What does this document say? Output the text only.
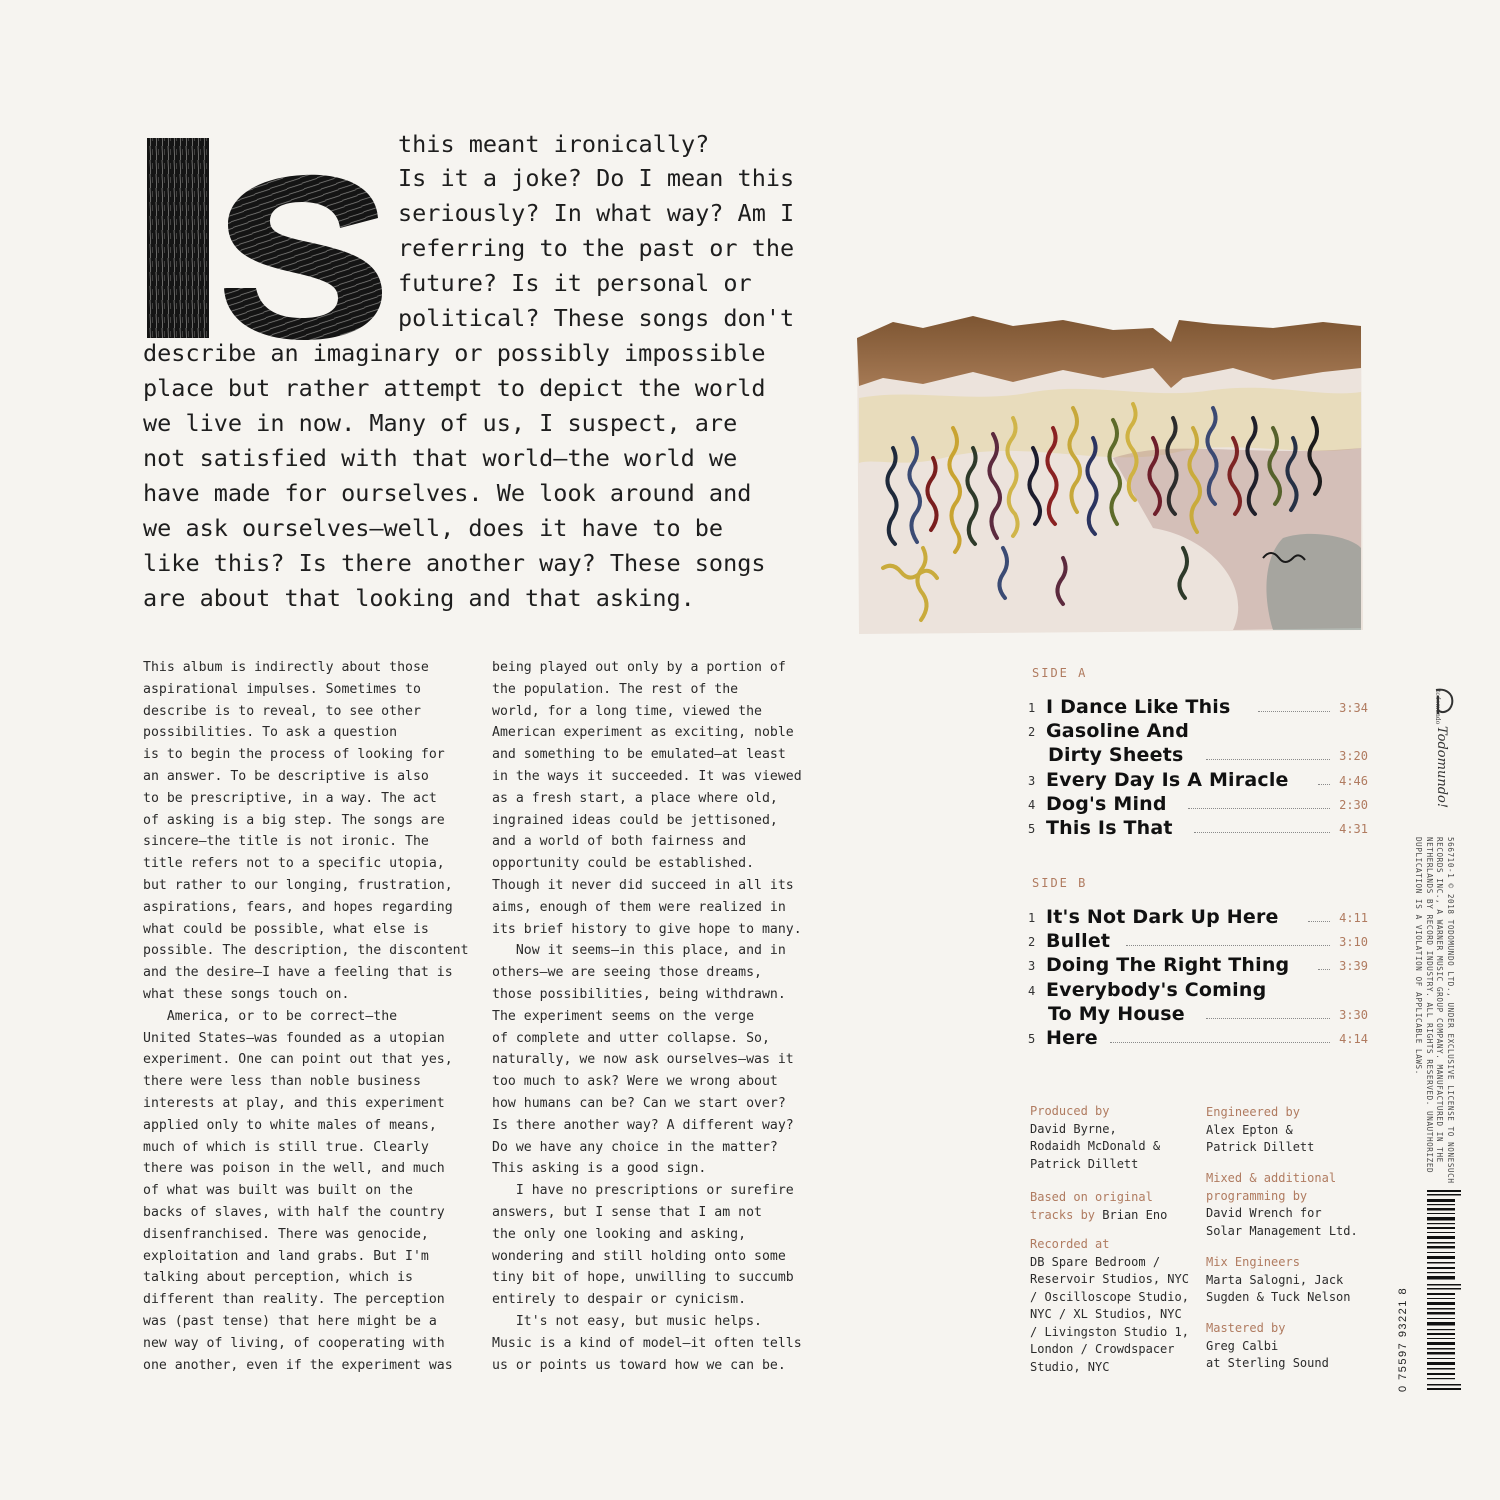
this meant ironically?
Is it a joke? Do I mean this
seriously? In what way? Am I
referring to the past or the
future? Is it personal or
political? These songs don't
describe an imaginary or possibly impossible
place but rather attempt to depict the world
we live in now. Many of us, I suspect, are
not satisfied with that world—the world we
have made for ourselves. We look around and
we ask ourselves—well, does it have to be
like this? Is there another way? These songs
are about that looking and that asking.

This album is indirectly about those
aspirational impulses. Sometimes to
describe is to reveal, to see other
possibilities. To ask a question
is to begin the process of looking for
an answer. To be descriptive is also
to be prescriptive, in a way. The act
of asking is a big step. The songs are
sincere—the title is not ironic. The
title refers not to a specific utopia,
but rather to our longing, frustration,
aspirations, fears, and hopes regarding
what could be possible, what else is
possible. The description, the discontent
and the desire—I have a feeling that is
what these songs touch on.

America, or to be correct—the
United States—was founded as a utopian
experiment. One can point out that yes,
there were less than noble business
interests at play, and this experiment
applied only to white males of means,
much of which is still true. Clearly
there was poison in the well, and much
of what was built was built on the
backs of slaves, with half the country
disenfranchised. There was genocide,
exploitation and land grabs. But I'm
talking about perception, which is
different than reality. The perception
was (past tense) that here might be a
new way of living, of cooperating with
one another, even if the experiment was

being played out only by a portion of
the population. The rest of the
world, for a long time, viewed the
American experiment as exciting, noble
and something to be emulated—at least
in the ways it succeeded. It was viewed
as a fresh start, a place where old,
ingrained ideas could be jettisoned,
and a world of both fairness and
opportunity could be established.
Though it never did succeed in all its
aims, enough of them were realized in
its brief history to give hope to many.

Now it seems—in this place, and in
others—we are seeing those dreams,
those possibilities, being withdrawn.
The experiment seems on the verge
of complete and utter collapse. So,
naturally, we now ask ourselves—was it
too much to ask? Were we wrong about
how humans can be? Can we start over?
Is there another way? A different way?
Do we have any choice in the matter?
This asking is a good sign.

I have no prescriptions or surefire
answers, but I sense that I am not
the only one looking and asking,
wondering and still holding onto some
tiny bit of hope, unwilling to succumb
entirely to despair or cynicism.

It's not easy, but music helps.
Music is a kind of model—it often tells
us or points us toward how we can be.

SIDE A
1 I Dance Like This	3:34
2 Gasoline And
Dirty Sheets	3:20
3 Every Day Is A Miracle	4:46
4 Dog's Mind	2:30
5 This Is That	4:31
SIDE B
1 It's Not Dark Up Here	4:11
2 Bullet	3:10
3 Doing The Right Thing	3:39
4 Everybody's Coming
To My House	3:30
5 Here	4:14
Produced by
David Byrne,
Rodaidh McDonald &
Patrick Dillett
Based on original
tracks by Brian Eno
Recorded at
DB Spare Bedroom /
Reservoir Studios, NYC
/ Oscilloscope Studio,
NYC / XL Studios, NYC
/ Livingston Studio 1,
London / Crowdspacer
Studio, NYC
Engineered by
Alex Epton &
Patrick Dillett
Mixed & additional
programming by
David Wrench for
Solar Management Ltd.
Mix Engineers
Marta Salogni, Jack
Sugden & Tuck Nelson
Mastered by
Greg Calbi
at Sterling Sound
todomundo
Todomundo!
566710-1 © 2018 TODOMUNDO LTD., UNDER EXCLUSIVE LICENSE TO NONESUCH
RECORDS INC., A WARNER MUSIC GROUP COMPANY. MANUFACTURED IN THE
NETHERLANDS BY RECORD INDUSTRY. ALL RIGHTS RESERVED. UNAUTHORIZED
DUPLICATION IS A VIOLATION OF APPLICABLE LAWS.
0 75597 93221 8
